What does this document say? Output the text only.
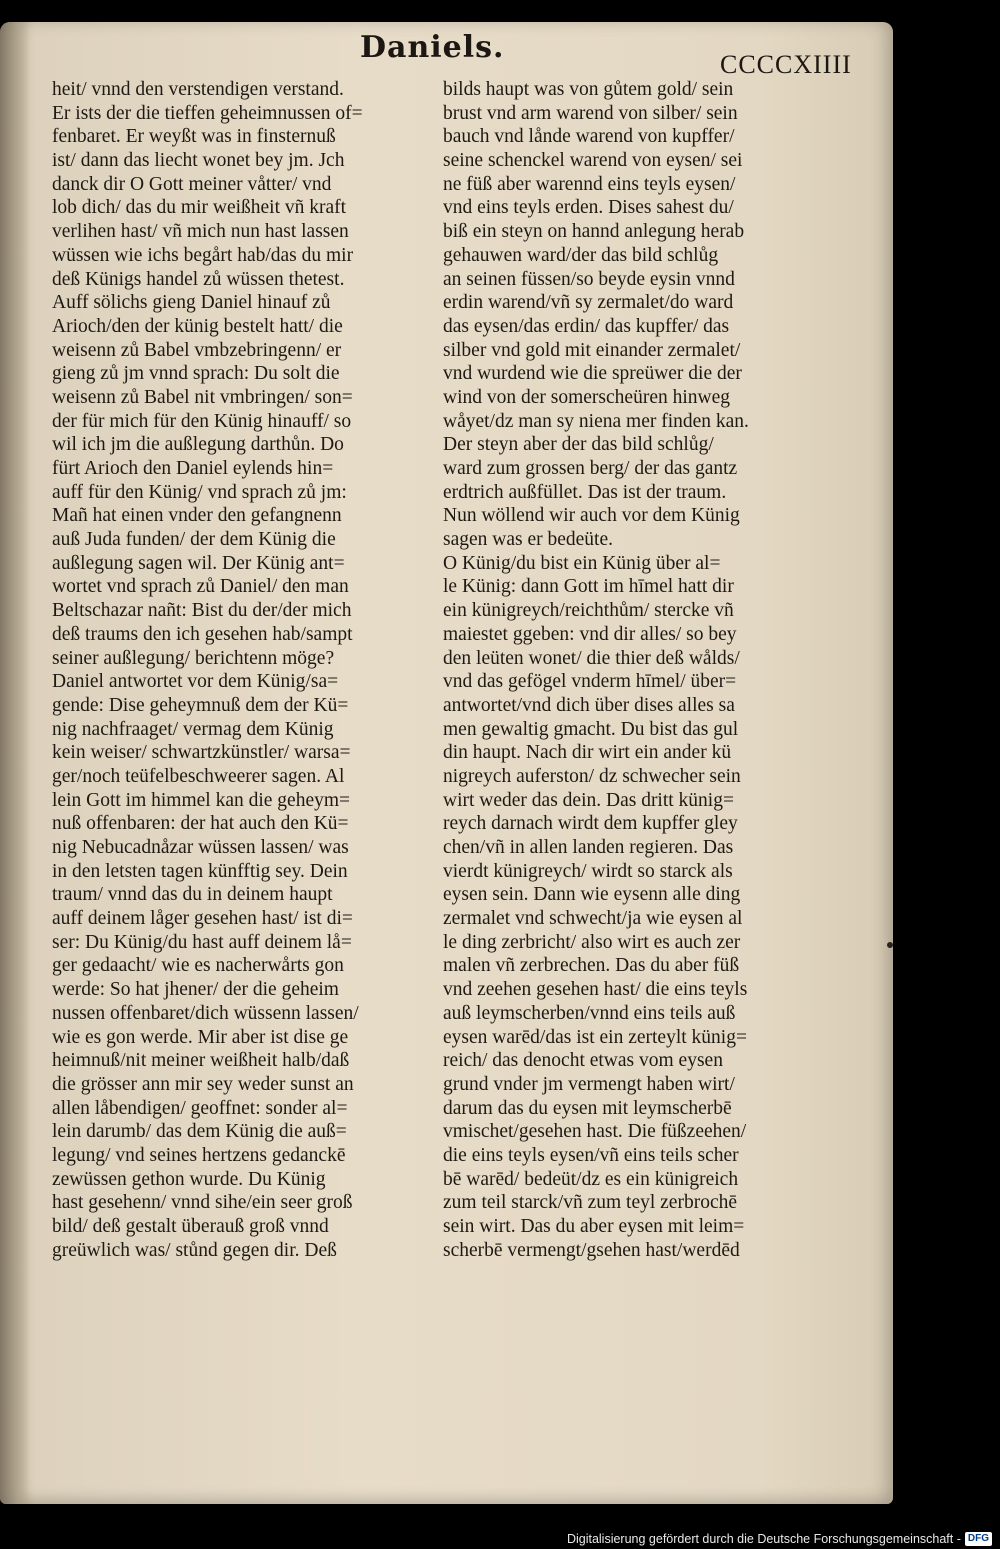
Daniels.	CCCCXIIII
heit/ vnnd den verstendigen verstand.
Er ists der die tieffen geheimnussen of=
fenbaret. Er weyßt was in finsternuß
ist/ dann das liecht wonet bey jm. Jch
danck dir O Gott meiner våtter/ vnd
lob dich/ das du mir weißheit vñ kraft
verlihen hast/ vñ mich nun hast lassen
wüssen wie ichs begårt hab/das du mir
deß Künigs handel zů wüssen thetest.
Auff sölichs gieng Daniel hinauf zů
Arioch/den der künig bestelt hatt/ die
weisenn zů Babel vmbzebringenn/ er
gieng zů jm vnnd sprach: Du solt die
weisenn zů Babel nit vmbringen/ son=
der für mich für den Künig hinauff/ so
wil ich jm die außlegung darthůn. Do
fürt Arioch den Daniel eylends hin=
auff für den Künig/ vnd sprach zů jm:
Mañ hat einen vnder den gefangnenn
auß Juda funden/ der dem Künig die
außlegung sagen wil. Der Künig ant=
wortet vnd sprach zů Daniel/ den man
Beltschazar nañt: Bist du der/der mich
deß traums den ich gesehen hab/sampt
seiner außlegung/ berichtenn möge?
Daniel antwortet vor dem Künig/sa=
gende: Dise geheymnuß dem der Kü=
nig nachfraaget/ vermag dem Künig
kein weiser/ schwartzkünstler/ warsa=
ger/noch teüfelbeschweerer sagen. Al
lein Gott im himmel kan die geheym=
nuß offenbaren: der hat auch den Kü=
nig Nebucadnåzar wüssen lassen/ was
in den letsten tagen künfftig sey. Dein
traum/ vnnd das du in deinem haupt
auff deinem låger gesehen hast/ ist di=
ser: Du Künig/du hast auff deinem lå=
ger gedaacht/ wie es nacherwårts gon
werde: So hat jhener/ der die geheim
nussen offenbaret/dich wüssenn lassen/
wie es gon werde. Mir aber ist dise ge
heimnuß/nit meiner weißheit halb/daß
die grösser ann mir sey weder sunst an
allen låbendigen/ geoffnet: sonder al=
lein darumb/ das dem Künig die auß=
legung/ vnd seines hertzens gedanckē
zewüssen gethon wurde. Du Künig
hast gesehenn/ vnnd sihe/ein seer groß
bild/ deß gestalt überauß groß vnnd
greüwlich was/ stůnd gegen dir. Deß
bilds haupt was von gůtem gold/ sein
brust vnd arm warend von silber/ sein
bauch vnd lånde warend von kupffer/
seine schenckel warend von eysen/ sei
ne füß aber warennd eins teyls eysen/
vnd eins teyls erden. Dises sahest du/
biß ein steyn on hannd anlegung herab
gehauwen ward/der das bild schlůg
an seinen füssen/so beyde eysin vnnd
erdin warend/vñ sy zermalet/do ward
das eysen/das erdin/ das kupffer/ das
silber vnd gold mit einander zermalet/
vnd wurdend wie die spreüwer die der
wind von der somerscheüren hinweg
wåyet/dz man sy niena mer finden kan.
Der steyn aber der das bild schlůg/
ward zum grossen berg/ der das gantz
erdtrich außfüllet. Das ist der traum.
Nun wöllend wir auch vor dem Künig
sagen was er bedeüte.
O Künig/du bist ein Künig über al=
le Künig: dann Gott im hīmel hatt dir
ein künigreych/reichthům/ stercke vñ
maiestet ggeben: vnd dir alles/ so bey
den leüten wonet/ die thier deß wålds/
vnd das gefögel vnderm hīmel/ über=
antwortet/vnd dich über dises alles sa
men gewaltig gmacht. Du bist das gul
din haupt. Nach dir wirt ein ander kü
nigreych auferston/ dz schwecher sein
wirt weder das dein. Das dritt künig=
reych darnach wirdt dem kupffer gley
chen/vñ in allen landen regieren. Das
vierdt künigreych/ wirdt so starck als
eysen sein. Dann wie eysenn alle ding
zermalet vnd schwecht/ja wie eysen al
le ding zerbricht/ also wirt es auch zer
malen vñ zerbrechen. Das du aber füß
vnd zeehen gesehen hast/ die eins teyls
auß leymscherben/vnnd eins teils auß
eysen warēd/das ist ein zerteylt künig=
reich/ das denocht etwas vom eysen
grund vnder jm vermengt haben wirt/
darum das du eysen mit leymscherbē
vmischet/gesehen hast. Die füßzeehen/
die eins teyls eysen/vñ eins teils scher
bē warēd/ bedeüt/dz es ein künigreich
zum teil starck/vñ zum teyl zerbrochē
sein wirt. Das du aber eysen mit leim=
scherbē vermengt/gsehen hast/werdēd
Digitalisierung gefördert durch die Deutsche Forschungsgemeinschaft - DFG
